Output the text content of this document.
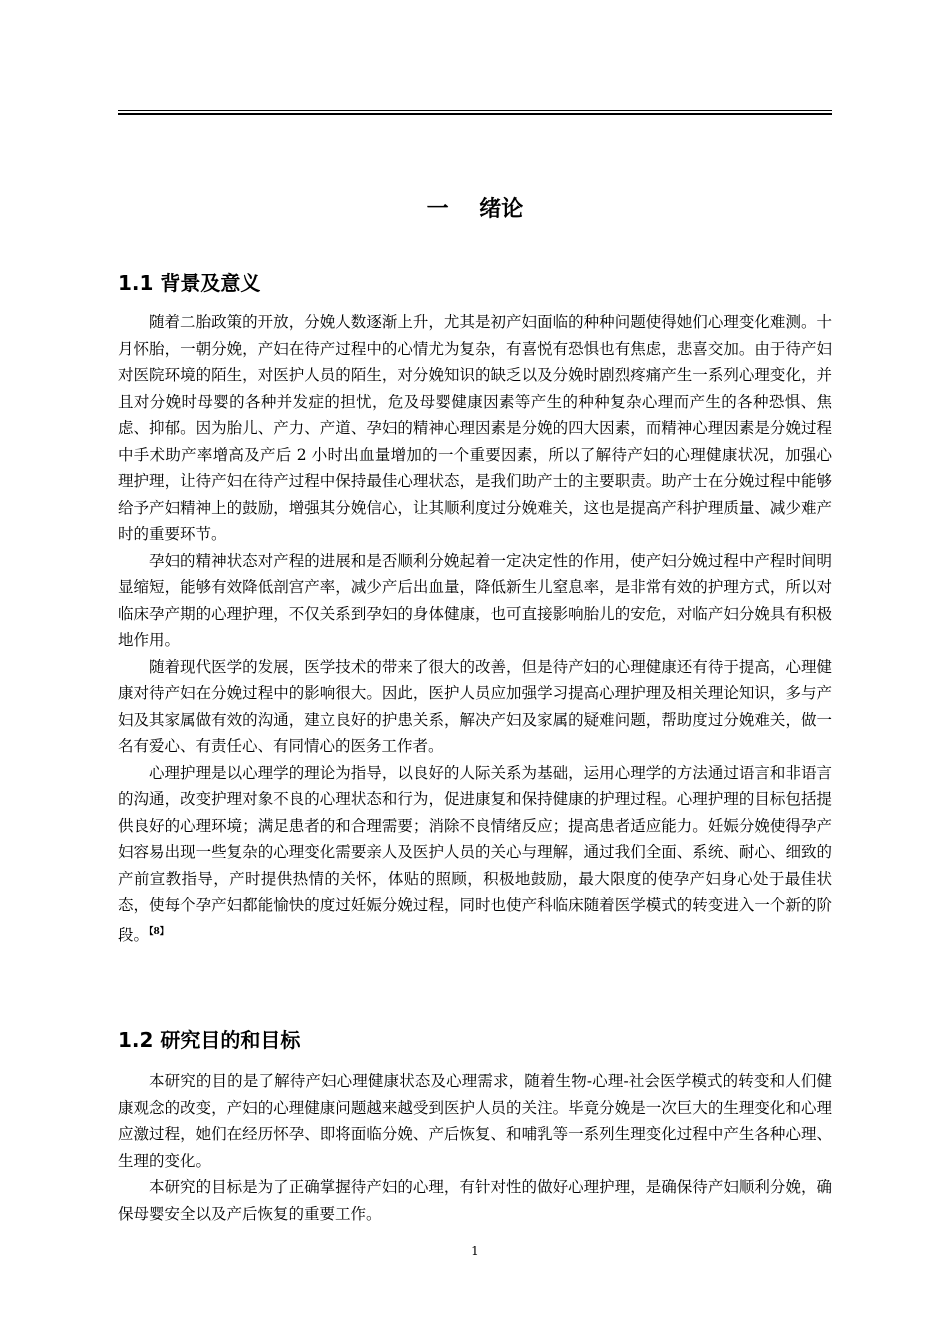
一    绪论
1.1 背景及意义

随着二胎政策的开放，分娩人数逐渐上升，尤其是初产妇面临的种种问题使得她们心理变化难测。十月怀胎，一朝分娩，产妇在待产过程中的心情尤为复杂，有喜悦有恐惧也有焦虑，悲喜交加。由于待产妇对医院环境的陌生，对医护人员的陌生，对分娩知识的缺乏以及分娩时剧烈疼痛产生一系列心理变化，并且对分娩时母婴的各种并发症的担忧，危及母婴健康因素等产生的种种复杂心理而产生的各种恐惧、焦虑、抑郁。因为胎儿、产力、产道、孕妇的精神心理因素是分娩的四大因素，而精神心理因素是分娩过程中手术助产率增高及产后 2 小时出血量增加的一个重要因素，所以了解待产妇的心理健康状况，加强心理护理，让待产妇在待产过程中保持最佳心理状态，是我们助产士的主要职责。助产士在分娩过程中能够给予产妇精神上的鼓励，增强其分娩信心，让其顺利度过分娩难关，这也是提高产科护理质量、减少难产时的重要环节。

孕妇的精神状态对产程的进展和是否顺利分娩起着一定决定性的作用，使产妇分娩过程中产程时间明显缩短，能够有效降低剖宫产率，减少产后出血量，降低新生儿窒息率，是非常有效的护理方式，所以对临床孕产期的心理护理，不仅关系到孕妇的身体健康，也可直接影响胎儿的安危，对临产妇分娩具有积极地作用。

随着现代医学的发展，医学技术的带来了很大的改善，但是待产妇的心理健康还有待于提高，心理健康对待产妇在分娩过程中的影响很大。因此，医护人员应加强学习提高心理护理及相关理论知识，多与产妇及其家属做有效的沟通，建立良好的护患关系，解决产妇及家属的疑难问题，帮助度过分娩难关，做一名有爱心、有责任心、有同情心的医务工作者。

心理护理是以心理学的理论为指导，以良好的人际关系为基础，运用心理学的方法通过语言和非语言的沟通，改变护理对象不良的心理状态和行为，促进康复和保持健康的护理过程。心理护理的目标包括提供良好的心理环境；满足患者的和合理需要；消除不良情绪反应；提高患者适应能力。妊娠分娩使得孕产妇容易出现一些复杂的心理变化需要亲人及医护人员的关心与理解，通过我们全面、系统、耐心、细致的产前宣教指导，产时提供热情的关怀，体贴的照顾，积极地鼓励，最大限度的使孕产妇身心处于最佳状态，使每个孕产妇都能愉快的度过妊娠分娩过程，同时也使产科临床随着医学模式的转变进入一个新的阶段。$^{【8】}$

1.2 研究目的和目标

本研究的目的是了解待产妇心理健康状态及心理需求，随着生物-心理-社会医学模式的转变和人们健康观念的改变，产妇的心理健康问题越来越受到医护人员的关注。毕竟分娩是一次巨大的生理变化和心理应激过程，她们在经历怀孕、即将面临分娩、产后恢复、和哺乳等一系列生理变化过程中产生各种心理、生理的变化。

本研究的目标是为了正确掌握待产妇的心理，有针对性的做好心理护理，是确保待产妇顺利分娩，确保母婴安全以及产后恢复的重要工作。

1
